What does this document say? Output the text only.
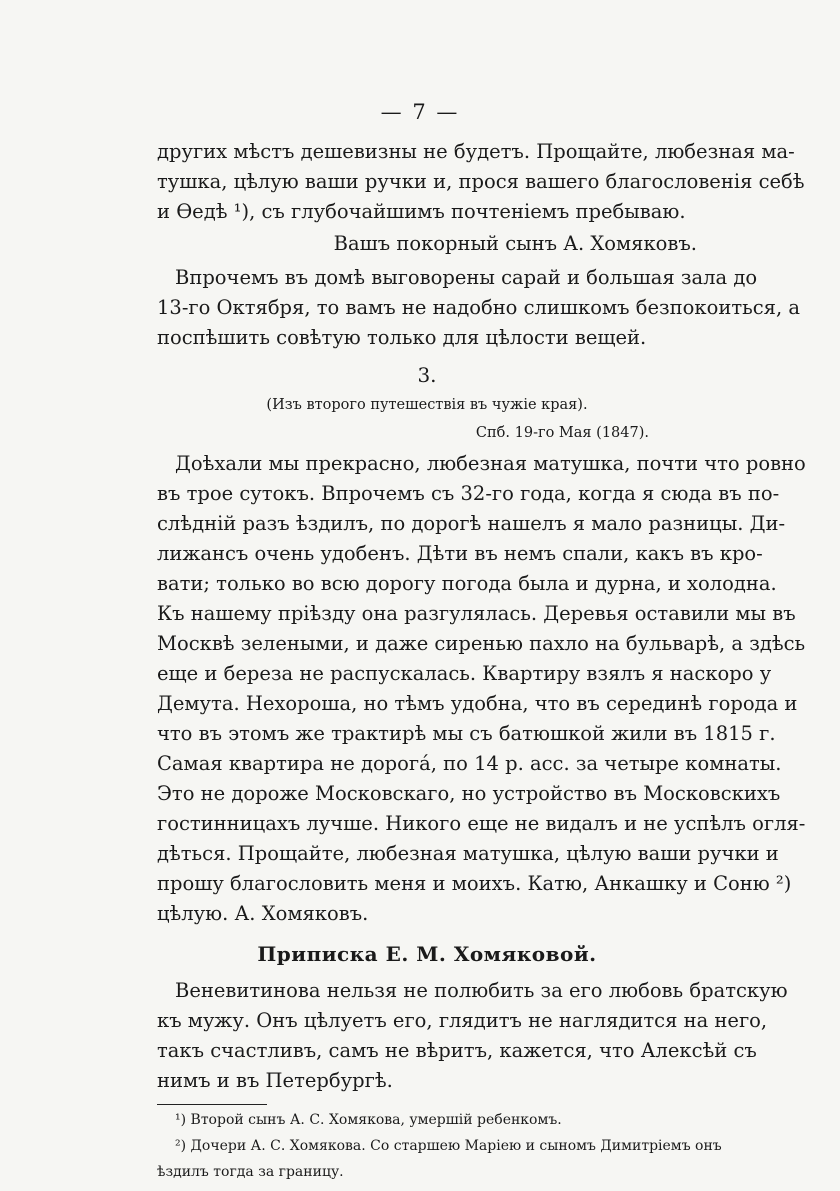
— 7 —
других мѣстъ дешевизны не будетъ. Прощайте, любезная ма-
тушка, цѣлую ваши ручки и, прося вашего благословенія себѣ
и Ѳедѣ ¹), съ глубочайшимъ почтеніемъ пребываю.
Вашъ покорный сынъ А. Хомяковъ.
Впрочемъ въ домѣ выговорены сарай и большая зала до
13-го Октября, то вамъ не надобно слишкомъ безпокоиться, а
поспѣшить совѣтую только для цѣлости вещей.
3.
(Изъ второго путешествія въ чужіе края).
Спб. 19-го Мая (1847).
Доѣхали мы прекрасно, любезная матушка, почти что ровно
въ трое сутокъ. Впрочемъ съ 32-го года, когда я сюда въ по-
слѣдній разъ ѣздилъ, по дорогѣ нашелъ я мало разницы. Ди-
лижансъ очень удобенъ. Дѣти въ немъ спали, какъ въ кро-
вати; только во всю дорогу погода была и дурна, и холодна.
Къ нашему пріѣзду она разгулялась. Деревья оставили мы въ
Москвѣ зелеными, и даже сиренью пахло на бульварѣ, а здѣсь
еще и береза не распускалась. Квартиру взялъ я наскоро у
Демута. Нехороша, но тѣмъ удобна, что въ серединѣ города и
что въ этомъ же трактирѣ мы съ батюшкой жили въ 1815 г.
Самая квартира не дорогá, по 14 р. асс. за четыре комнаты.
Это не дороже Московскаго, но устройство въ Московскихъ
гостинницахъ лучше. Никого еще не видалъ и не успѣлъ огля-
дѣться. Прощайте, любезная матушка, цѣлую ваши ручки и
прошу благословить меня и моихъ. Катю, Анкашку и Соню ²)
цѣлую. А. Хомяковъ.
Приписка Е. М. Хомяковой.
Веневитинова нельзя не полюбить за его любовь братскую
къ мужу. Онъ цѣлуетъ его, глядитъ не наглядится на него,
такъ счастливъ, самъ не вѣритъ, кажется, что Алексѣй съ
нимъ и въ Петербургѣ.
¹) Второй сынъ А. С. Хомякова, умершій ребенкомъ.
²) Дочери А. С. Хомякова. Со старшею Маріею и сыномъ Димитріемъ онъ
ѣздилъ тогда за границу.
